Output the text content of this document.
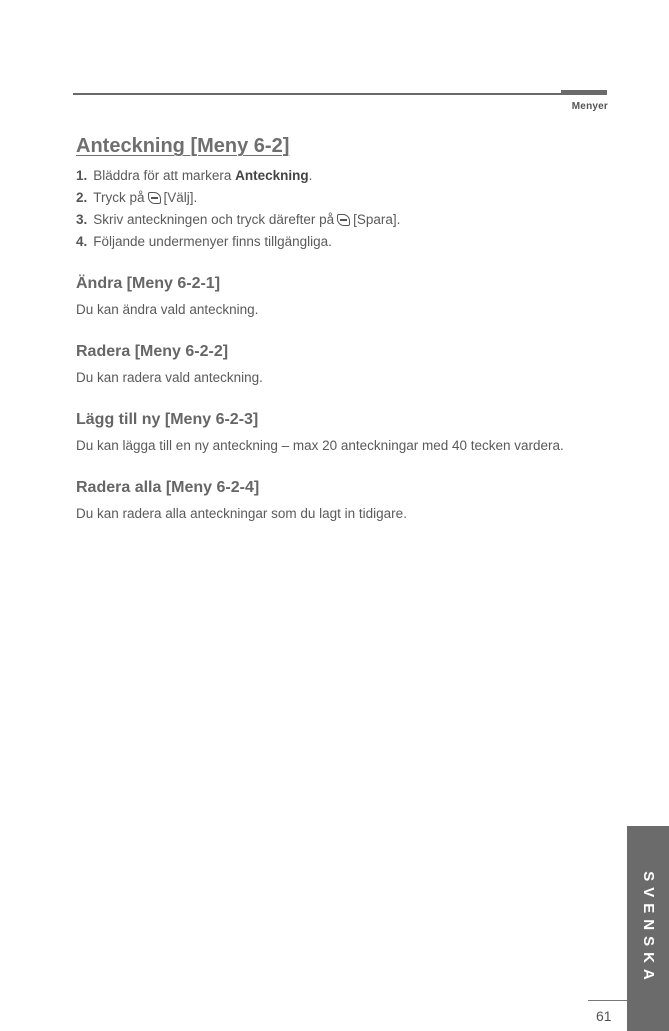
Menyer
Anteckning [Meny 6-2]
1. Bläddra för att markera Anteckning.
2. Tryck på [Välj].
3. Skriv anteckningen och tryck därefter på [Spara].
4. Följande undermenyer finns tillgängliga.
Ändra [Meny 6-2-1]

Du kan ändra vald anteckning.

Radera [Meny 6-2-2]

Du kan radera vald anteckning.

Lägg till ny [Meny 6-2-3]

Du kan lägga till en ny anteckning – max 20 anteckningar med 40 tecken vardera.

Radera alla [Meny 6-2-4]

Du kan radera alla anteckningar som du lagt in tidigare.

SVENSKA
61
